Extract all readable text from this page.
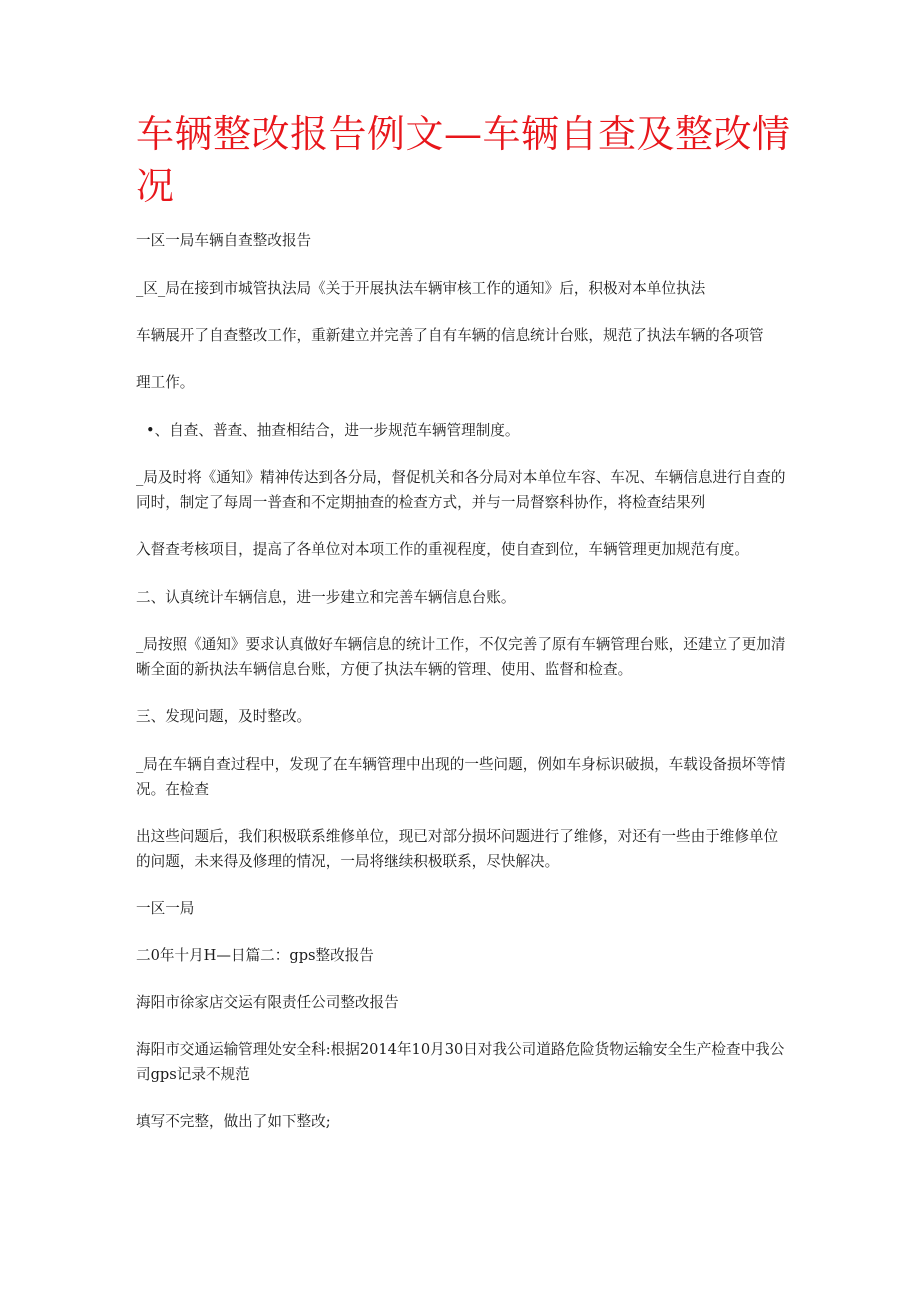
车辆整改报告例文—车辆自查及整改情况

一区一局车辆自查整改报告

_区_局在接到市城管执法局《关于开展执法车辆审核工作的通知》后，积极对本单位执法

车辆展开了自查整改工作，重新建立并完善了自有车辆的信息统计台账，规范了执法车辆的各项管

理工作。

•、自查、普查、抽查相结合，进一步规范车辆管理制度。

_局及时将《通知》精神传达到各分局，督促机关和各分局对本单位车容、车况、车辆信息进行自查的同时，制定了每周一普查和不定期抽查的检查方式，并与一局督察科协作，将检查结果列

入督查考核项目，提高了各单位对本项工作的重视程度，使自查到位，车辆管理更加规范有度。

二、认真统计车辆信息，进一步建立和完善车辆信息台账。

_局按照《通知》要求认真做好车辆信息的统计工作，不仅完善了原有车辆管理台账，还建立了更加清晰全面的新执法车辆信息台账，方便了执法车辆的管理、使用、监督和检查。

三、发现问题，及时整改。

_局在车辆自查过程中，发现了在车辆管理中出现的一些问题，例如车身标识破损，车载设备损坏等情况。在检查

出这些问题后，我们积极联系维修单位，现已对部分损坏问题进行了维修，对还有一些由于维修单位的问题，未来得及修理的情况，一局将继续积极联系，尽快解决。

一区一局

二0年十月H—日篇二：gps整改报告

海阳市徐家店交运有限责任公司整改报告

海阳市交通运输管理处安全科:根据2014年10月30日对我公司道路危险货物运输安全生产检查中我公司gps记录不规范

填写不完整，做出了如下整改;
